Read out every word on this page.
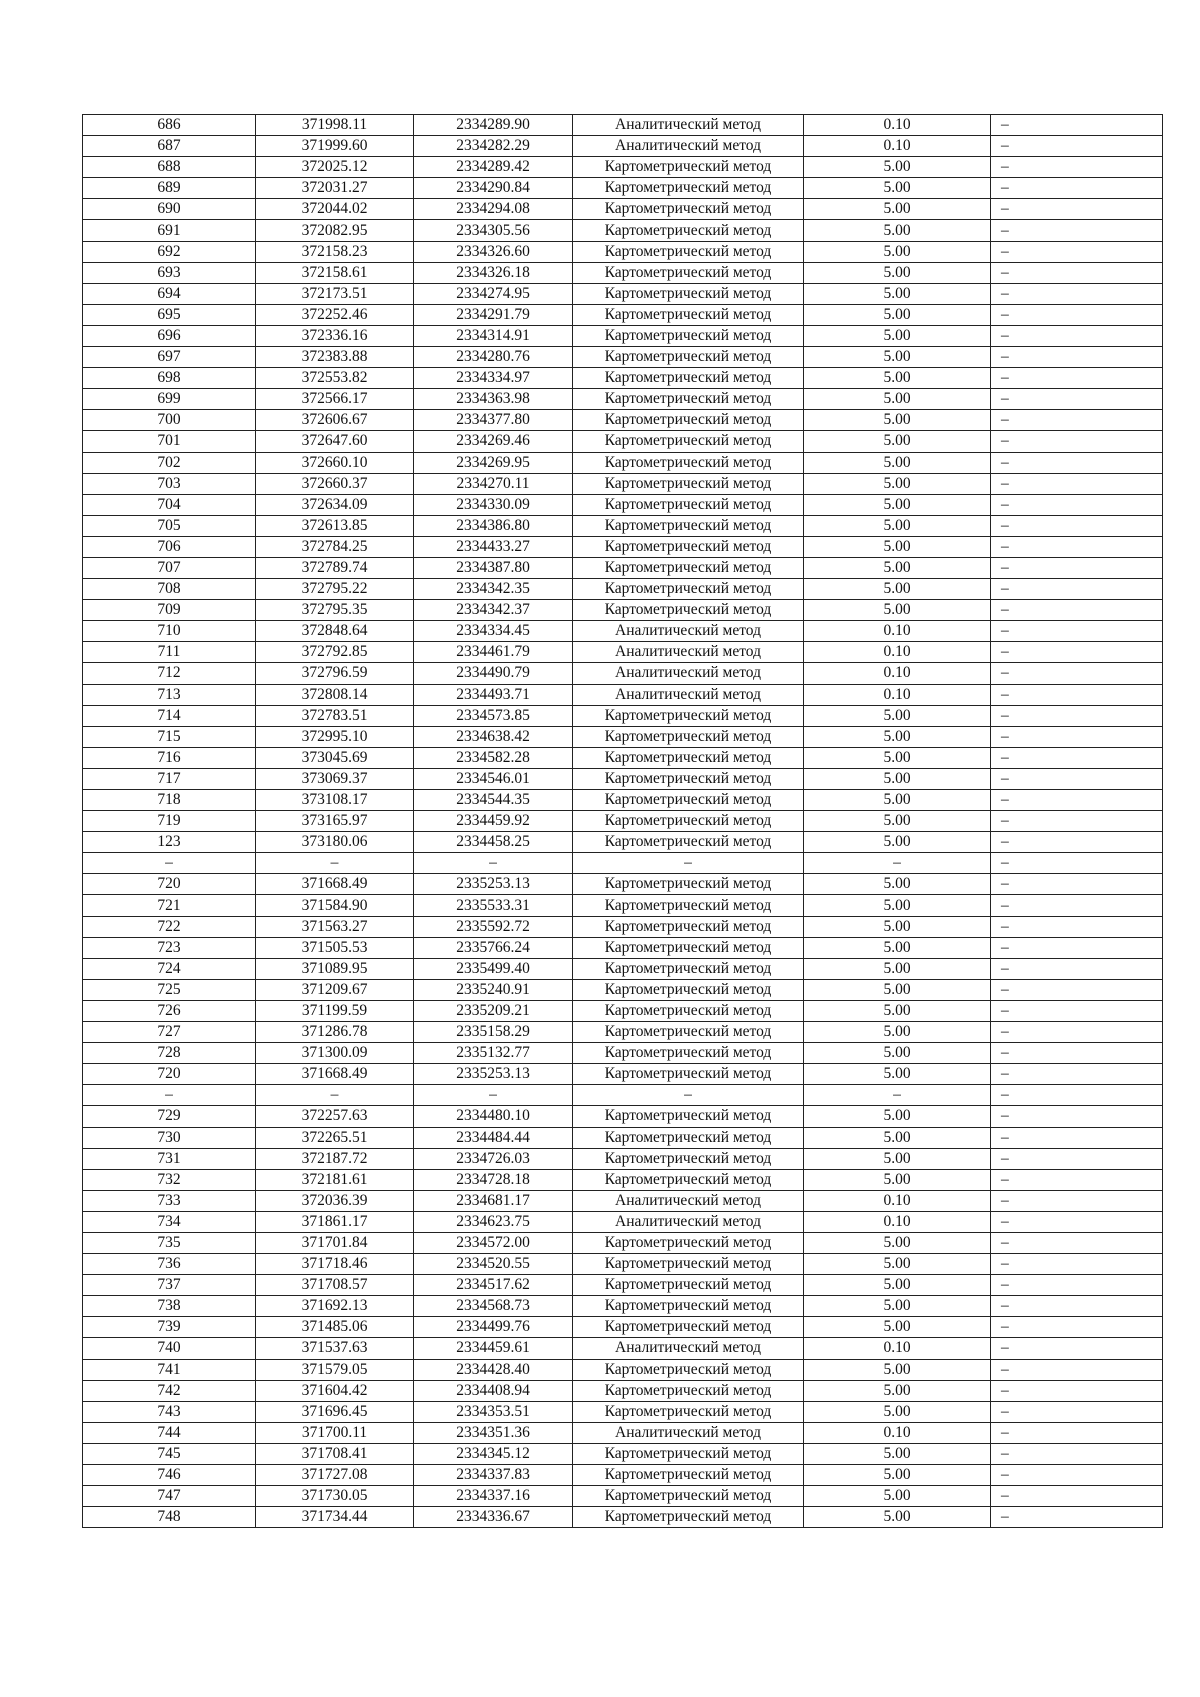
686	371998.11	2334289.90	Аналитический метод	0.10	–
687	371999.60	2334282.29	Аналитический метод	0.10	–
688	372025.12	2334289.42	Картометрический метод	5.00	–
689	372031.27	2334290.84	Картометрический метод	5.00	–
690	372044.02	2334294.08	Картометрический метод	5.00	–
691	372082.95	2334305.56	Картометрический метод	5.00	–
692	372158.23	2334326.60	Картометрический метод	5.00	–
693	372158.61	2334326.18	Картометрический метод	5.00	–
694	372173.51	2334274.95	Картометрический метод	5.00	–
695	372252.46	2334291.79	Картометрический метод	5.00	–
696	372336.16	2334314.91	Картометрический метод	5.00	–
697	372383.88	2334280.76	Картометрический метод	5.00	–
698	372553.82	2334334.97	Картометрический метод	5.00	–
699	372566.17	2334363.98	Картометрический метод	5.00	–
700	372606.67	2334377.80	Картометрический метод	5.00	–
701	372647.60	2334269.46	Картометрический метод	5.00	–
702	372660.10	2334269.95	Картометрический метод	5.00	–
703	372660.37	2334270.11	Картометрический метод	5.00	–
704	372634.09	2334330.09	Картометрический метод	5.00	–
705	372613.85	2334386.80	Картометрический метод	5.00	–
706	372784.25	2334433.27	Картометрический метод	5.00	–
707	372789.74	2334387.80	Картометрический метод	5.00	–
708	372795.22	2334342.35	Картометрический метод	5.00	–
709	372795.35	2334342.37	Картометрический метод	5.00	–
710	372848.64	2334334.45	Аналитический метод	0.10	–
711	372792.85	2334461.79	Аналитический метод	0.10	–
712	372796.59	2334490.79	Аналитический метод	0.10	–
713	372808.14	2334493.71	Аналитический метод	0.10	–
714	372783.51	2334573.85	Картометрический метод	5.00	–
715	372995.10	2334638.42	Картометрический метод	5.00	–
716	373045.69	2334582.28	Картометрический метод	5.00	–
717	373069.37	2334546.01	Картометрический метод	5.00	–
718	373108.17	2334544.35	Картометрический метод	5.00	–
719	373165.97	2334459.92	Картометрический метод	5.00	–
123	373180.06	2334458.25	Картометрический метод	5.00	–
–	–	–	–	–	–
720	371668.49	2335253.13	Картометрический метод	5.00	–
721	371584.90	2335533.31	Картометрический метод	5.00	–
722	371563.27	2335592.72	Картометрический метод	5.00	–
723	371505.53	2335766.24	Картометрический метод	5.00	–
724	371089.95	2335499.40	Картометрический метод	5.00	–
725	371209.67	2335240.91	Картометрический метод	5.00	–
726	371199.59	2335209.21	Картометрический метод	5.00	–
727	371286.78	2335158.29	Картометрический метод	5.00	–
728	371300.09	2335132.77	Картометрический метод	5.00	–
720	371668.49	2335253.13	Картометрический метод	5.00	–
–	–	–	–	–	–
729	372257.63	2334480.10	Картометрический метод	5.00	–
730	372265.51	2334484.44	Картометрический метод	5.00	–
731	372187.72	2334726.03	Картометрический метод	5.00	–
732	372181.61	2334728.18	Картометрический метод	5.00	–
733	372036.39	2334681.17	Аналитический метод	0.10	–
734	371861.17	2334623.75	Аналитический метод	0.10	–
735	371701.84	2334572.00	Картометрический метод	5.00	–
736	371718.46	2334520.55	Картометрический метод	5.00	–
737	371708.57	2334517.62	Картометрический метод	5.00	–
738	371692.13	2334568.73	Картометрический метод	5.00	–
739	371485.06	2334499.76	Картометрический метод	5.00	–
740	371537.63	2334459.61	Аналитический метод	0.10	–
741	371579.05	2334428.40	Картометрический метод	5.00	–
742	371604.42	2334408.94	Картометрический метод	5.00	–
743	371696.45	2334353.51	Картометрический метод	5.00	–
744	371700.11	2334351.36	Аналитический метод	0.10	–
745	371708.41	2334345.12	Картометрический метод	5.00	–
746	371727.08	2334337.83	Картометрический метод	5.00	–
747	371730.05	2334337.16	Картометрический метод	5.00	–
748	371734.44	2334336.67	Картометрический метод	5.00	–
